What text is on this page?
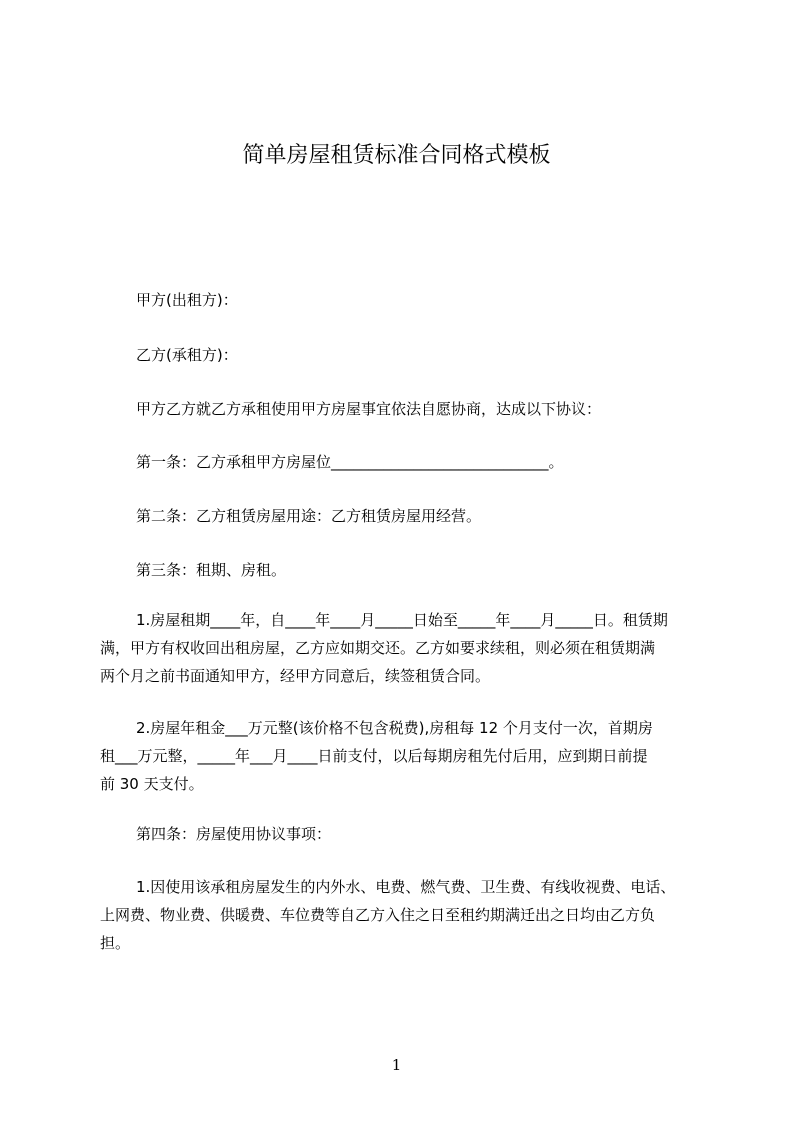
简单房屋租赁标准合同格式模板

甲方(出租方)：

乙方(承租方)：

甲方乙方就乙方承租使用甲方房屋事宜依法自愿协商，达成以下协议：

第一条：乙方承租甲方房屋位_____________________________。

第二条：乙方租赁房屋用途：乙方租赁房屋用经营。

第三条：租期、房租。

1.房屋租期____年，自____年____月_____日始至_____年____月_____日。租赁期
满，甲方有权收回出租房屋，乙方应如期交还。乙方如要求续租，则必须在租赁期满
两个月之前书面通知甲方，经甲方同意后，续签租赁合同。
2.房屋年租金___万元整(该价格不包含税费),房租每 12 个月支付一次，首期房
租___万元整，_____年___月____日前支付，以后每期房租先付后用，应到期日前提
前 30 天支付。

第四条：房屋使用协议事项：

1.因使用该承租房屋发生的内外水、电费、燃气费、卫生费、有线收视费、电话、
上网费、物业费、供暖费、车位费等自乙方入住之日至租约期满迁出之日均由乙方负
担。
1
